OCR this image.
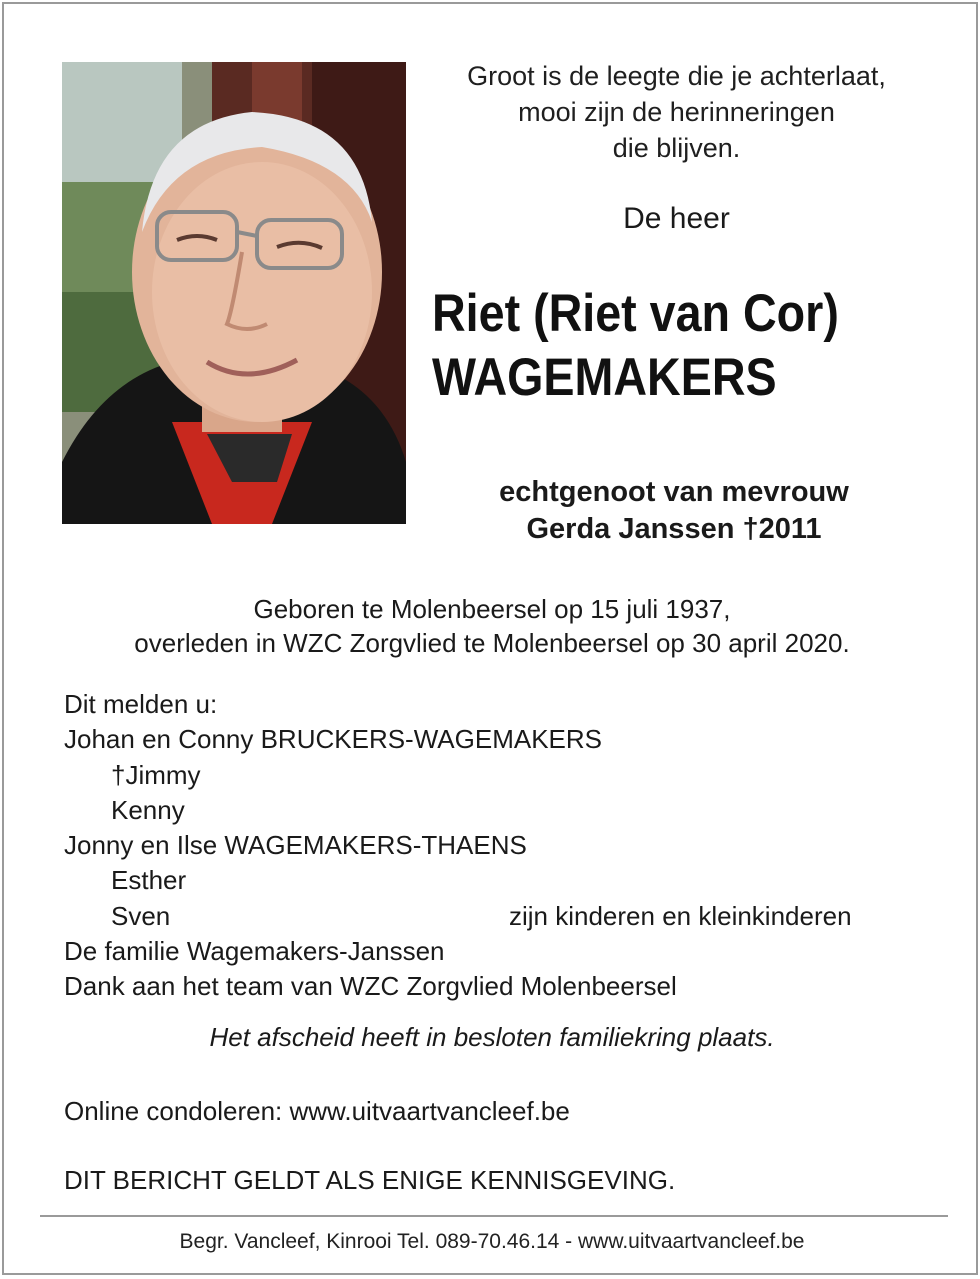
Groot is de leegte die je achterlaat,
mooi zijn de herinneringen
die blijven.
De heer
Riet (Riet van Cor)
WAGEMAKERS
echtgenoot van mevrouw
Gerda Janssen †2011
Geboren te Molenbeersel op 15 juli 1937,
overleden in WZC Zorgvlied te Molenbeersel op 30 april 2020.
Dit melden u:
Johan en Conny BRUCKERS-WAGEMAKERS
†Jimmy
Kenny
Jonny en Ilse WAGEMAKERS-THAENS
Esther
Sven	zijn kinderen en kleinkinderen
De familie Wagemakers-Janssen
Dank aan het team van WZC Zorgvlied Molenbeersel
Het afscheid heeft in besloten familiekring plaats.
Online condoleren: www.uitvaartvancleef.be
DIT BERICHT GELDT ALS ENIGE KENNISGEVING.
Begr. Vancleef, Kinrooi Tel. 089-70.46.14 - www.uitvaartvancleef.be
